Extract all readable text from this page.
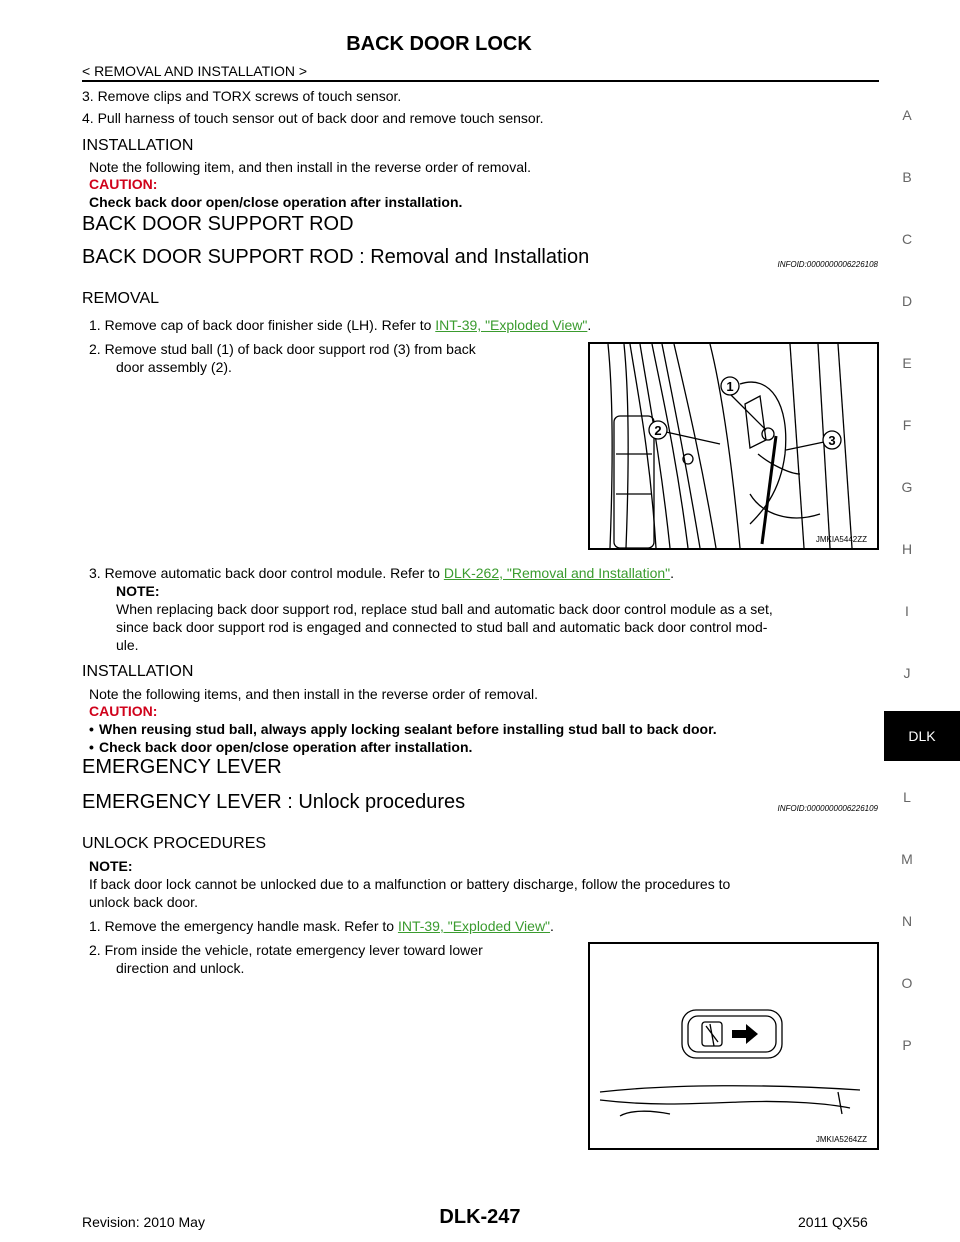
BACK DOOR LOCK
< REMOVAL AND INSTALLATION >
3. Remove clips and TORX screws of touch sensor.
4. Pull harness of touch sensor out of back door and remove touch sensor.
INSTALLATION
Note the following item, and then install in the reverse order of removal.
CAUTION:
Check back door open/close operation after installation.
BACK DOOR SUPPORT ROD
BACK DOOR SUPPORT ROD : Removal and Installation	INFOID:0000000006226108
REMOVAL
1. Remove cap of back door finisher side (LH). Refer to INT-39, "Exploded View".
2. Remove stud ball (1) of back door support rod (3) from back
door assembly (2).
1
2
3
JMKIA5442ZZ
3. Remove automatic back door control module. Refer to DLK-262, "Removal and Installation".
NOTE:
When replacing back door support rod, replace stud ball and automatic back door control module as a set,
since back door support rod is engaged and connected to stud ball and automatic back door control mod-
ule.
INSTALLATION
Note the following items, and then install in the reverse order of removal.
CAUTION:
• When reusing stud ball, always apply locking sealant before installing stud ball to back door.
• Check back door open/close operation after installation.
EMERGENCY LEVER
EMERGENCY LEVER : Unlock procedures	INFOID:0000000006226109
UNLOCK PROCEDURES
NOTE:
If back door lock cannot be unlocked due to a malfunction or battery discharge, follow the procedures to
unlock back door.
1. Remove the emergency handle mask. Refer to INT-39, "Exploded View".
2. From inside the vehicle, rotate emergency lever toward lower
direction and unlock.
JMKIA5264ZZ
A
B
C
D
E
F
G
H
I
J
DLK
L
M
N
O
P
Revision: 2010 May	DLK-247	2011 QX56
